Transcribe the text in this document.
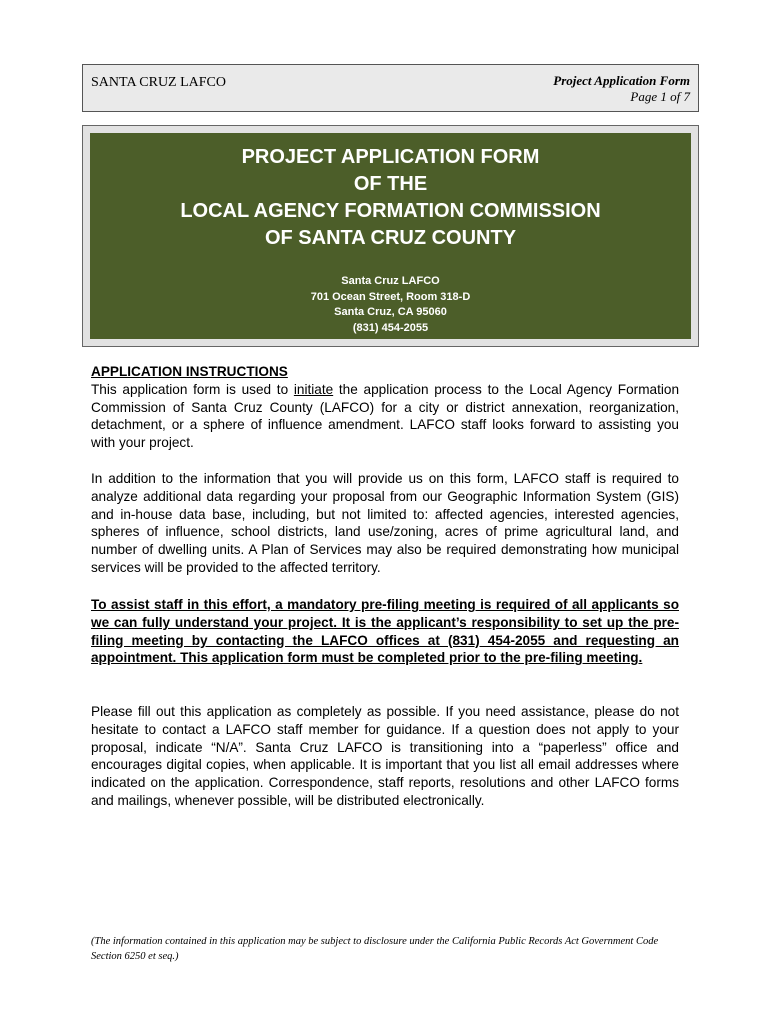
SANTA CRUZ LAFCO	Project Application Form
Page 1 of 7
PROJECT APPLICATION FORM
OF THE
LOCAL AGENCY FORMATION COMMISSION
OF SANTA CRUZ COUNTY
Santa Cruz LAFCO
701 Ocean Street, Room 318-D
Santa Cruz, CA 95060
(831) 454-2055
APPLICATION INSTRUCTIONS

This application form is used to initiate the application process to the Local Agency Formation Commission of Santa Cruz County (LAFCO) for a city or district annexation, reorganization, detachment, or a sphere of influence amendment. LAFCO staff looks forward to assisting you with your project.

In addition to the information that you will provide us on this form, LAFCO staff is required to analyze additional data regarding your proposal from our Geographic Information System (GIS) and in-house data base, including, but not limited to: affected agencies, interested agencies, spheres of influence, school districts, land use/zoning, acres of prime agricultural land, and number of dwelling units. A Plan of Services may also be required demonstrating how municipal services will be provided to the affected territory.
To assist staff in this effort, a mandatory pre-filing meeting is required of all applicants so we can fully understand your project. It is the applicant’s responsibility to set up the pre-filing meeting by contacting the LAFCO offices at (831) 454-2055 and requesting an appointment. This application form must be completed prior to the pre-filing meeting.
Please fill out this application as completely as possible. If you need assistance, please do not hesitate to contact a LAFCO staff member for guidance. If a question does not apply to your proposal, indicate “N/A”. Santa Cruz LAFCO is transitioning into a “paperless” office and encourages digital copies, when applicable. It is important that you list all email addresses where indicated on the application. Correspondence, staff reports, resolutions and other LAFCO forms and mailings, whenever possible, will be distributed electronically.
(The information contained in this application may be subject to disclosure under the California Public Records Act Government Code Section 6250 et seq.)
